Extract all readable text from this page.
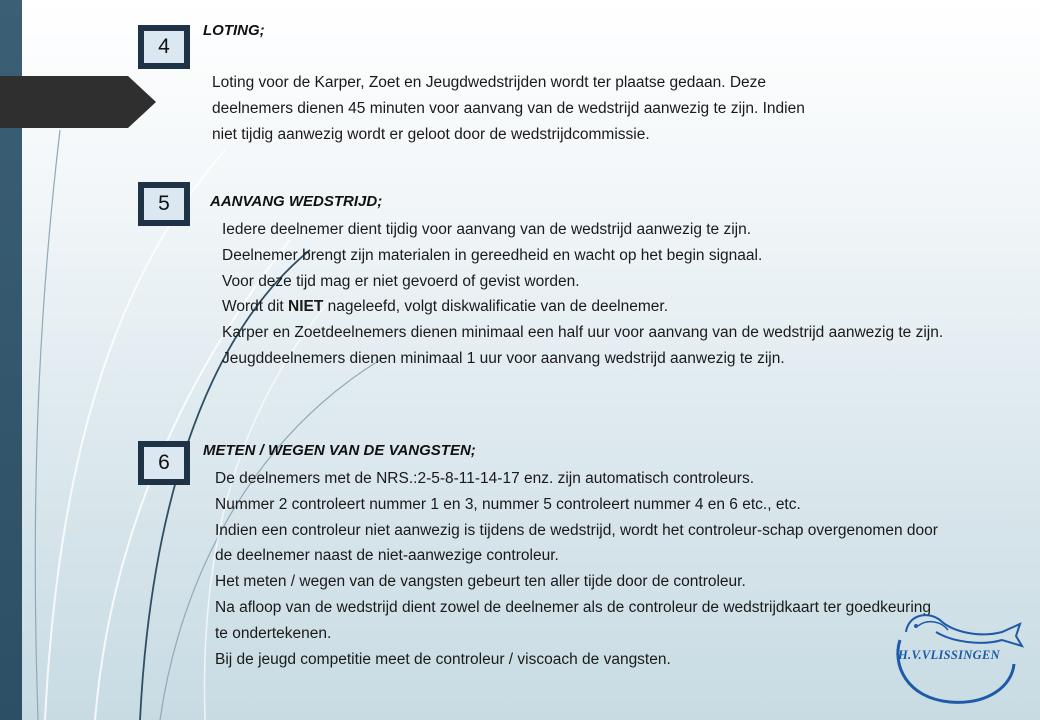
4
LOTING;
Loting voor de Karper, Zoet en Jeugdwedstrijden wordt ter plaatse gedaan. Deze
deelnemers dienen 45 minuten voor aanvang van de wedstrijd aanwezig te zijn. Indien
niet tijdig aanwezig wordt er geloot door de wedstrijdcommissie.
5	AANVANG WEDSTRIJD;
Iedere deelnemer dient tijdig voor aanvang van de wedstrijd aanwezig te zijn.
Deelnemer brengt zijn materialen in gereedheid en wacht op het begin signaal.
Voor deze tijd mag er niet gevoerd of gevist worden.
Wordt dit NIET nageleefd, volgt diskwalificatie van de deelnemer.
Karper en Zoetdeelnemers dienen minimaal een half uur voor aanvang van de wedstrijd aanwezig te zijn.
Jeugddeelnemers dienen minimaal 1 uur voor aanvang wedstrijd aanwezig te zijn.
6
METEN / WEGEN VAN DE VANGSTEN;
De deelnemers met de NRS.:2-5-8-11-14-17 enz. zijn automatisch controleurs.
Nummer 2 controleert nummer 1 en 3, nummer 5 controleert nummer 4 en 6 etc., etc.
Indien een controleur niet aanwezig is tijdens de wedstrijd, wordt het controleur-schap overgenomen door
de deelnemer naast de niet-aanwezige controleur.
Het meten / wegen van de vangsten gebeurt ten aller tijde door de controleur.
Na afloop van de wedstrijd dient zowel de deelnemer als de controleur de wedstrijdkaart ter goedkeuring
te ondertekenen.
Bij de jeugd competitie meet de controleur / viscoach de vangsten.	H.V.VLISSINGEN
